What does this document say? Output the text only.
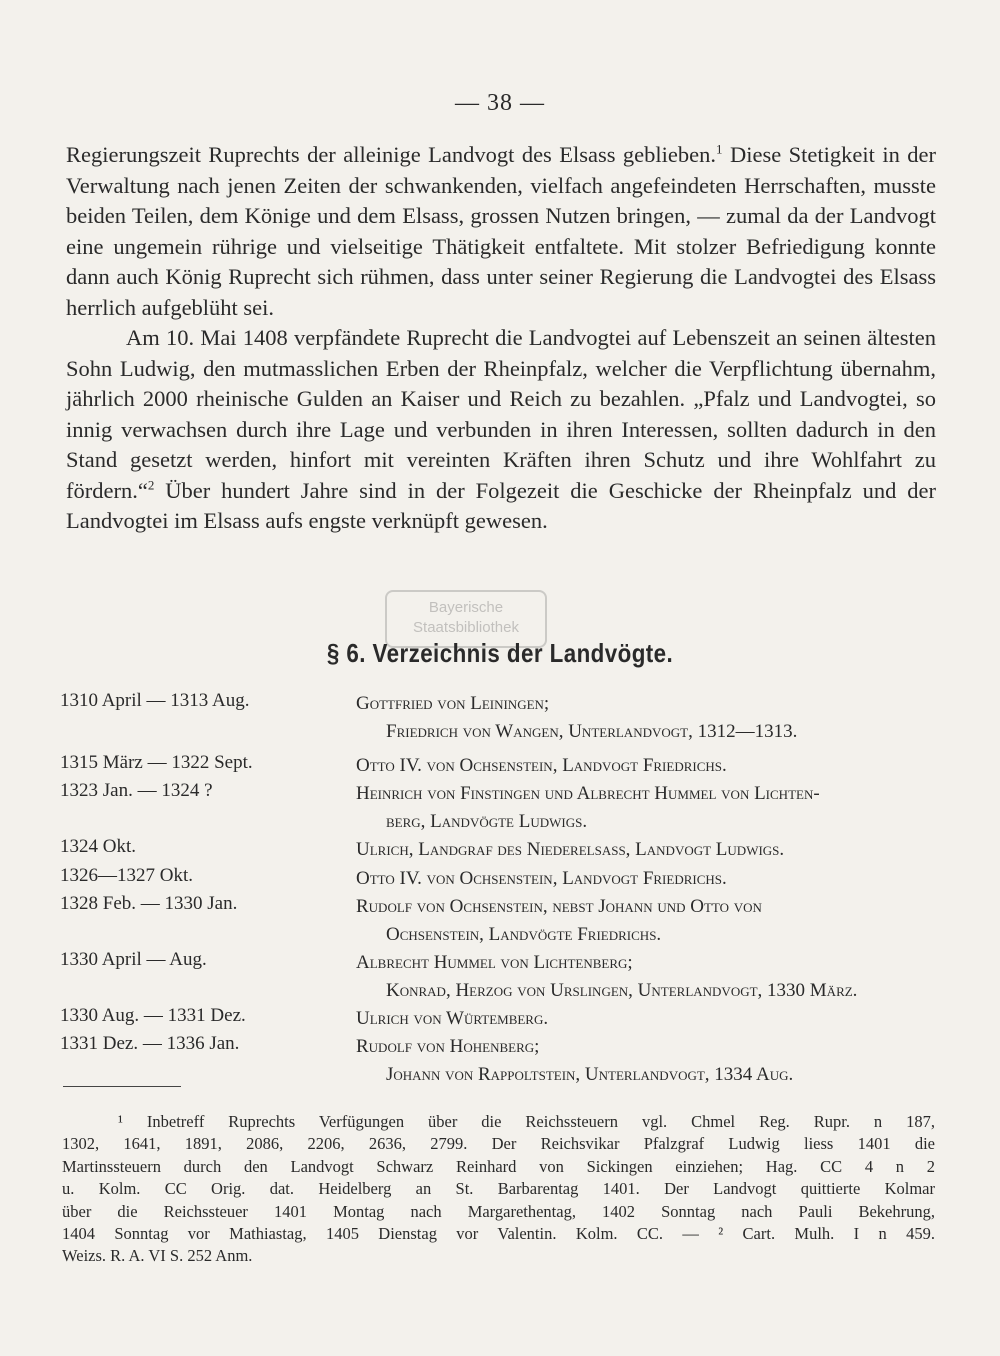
— 38 —

Regierungszeit Ruprechts der alleinige Landvogt des Elsass geblieben.$^1$ Diese Stetigkeit in der Verwaltung nach jenen Zeiten der schwankenden, vielfach angefeindeten Herrschaften, musste beiden Teilen, dem Könige und dem Elsass, grossen Nutzen bringen, — zumal da der Landvogt eine ungemein rührige und vielseitige Thätigkeit entfaltete. Mit stolzer Befriedigung konnte dann auch König Ruprecht sich rühmen, dass unter seiner Regierung die Landvogtei des Elsass herrlich aufgeblüht sei.

Am 10. Mai 1408 verpfändete Ruprecht die Landvogtei auf Lebenszeit an seinen ältesten Sohn Ludwig, den mutmasslichen Erben der Rheinpfalz, welcher die Verpflichtung übernahm, jährlich 2000 rheinische Gulden an Kaiser und Reich zu bezahlen. „Pfalz und Landvogtei, so innig verwachsen durch ihre Lage und verbunden in ihren Interessen, sollten dadurch in den Stand gesetzt werden, hinfort mit vereinten Kräften ihren Schutz und ihre Wohlfahrt zu fördern.“$^2$ Über hundert Jahre sind in der Folgezeit die Geschicke der Rheinpfalz und der Landvogtei im Elsass aufs engste verknüpft gewesen.

Bayerische
Staatsbibliothek
§ 6. Verzeichnis der Landvögte.
1310 April — 1313 Aug.	Gottfried von Leiningen;
Friedrich von Wangen, Unterlandvogt, 1312—1313.
1315 März — 1322 Sept.	Otto IV. von Ochsenstein, Landvogt Friedrichs.
1323 Jan. — 1324 ?	Heinrich von Finstingen und Albrecht Hummel von Lichten-
berg, Landvögte Ludwigs.
1324 Okt.	Ulrich, Landgraf des Niederelsass, Landvogt Ludwigs.
1326—1327 Okt.	Otto IV. von Ochsenstein, Landvogt Friedrichs.
1328 Feb. — 1330 Jan.	Rudolf von Ochsenstein, nebst Johann und Otto von
Ochsenstein, Landvögte Friedrichs.
1330 April — Aug.	Albrecht Hummel von Lichtenberg;
Konrad, Herzog von Urslingen, Unterlandvogt, 1330 März.
1330 Aug. — 1331 Dez.	Ulrich von Würtemberg.
1331 Dez. — 1336 Jan.	Rudolf von Hohenberg;
Johann von Rappoltstein, Unterlandvogt, 1334 Aug.
¹ Inbetreff Ruprechts Verfügungen über die Reichssteuern vgl. Chmel Reg. Rupr. n 187,
1302, 1641, 1891, 2086, 2206, 2636, 2799. Der Reichsvikar Pfalzgraf Ludwig liess 1401 die
Martinssteuern durch den Landvogt Schwarz Reinhard von Sickingen einziehen; Hag. CC 4 n 2
u. Kolm. CC Orig. dat. Heidelberg an St. Barbarentag 1401. Der Landvogt quittierte Kolmar
über die Reichssteuer 1401 Montag nach Margarethentag, 1402 Sonntag nach Pauli Bekehrung,
1404 Sonntag vor Mathiastag, 1405 Dienstag vor Valentin. Kolm. CC. — ² Cart. Mulh. I n 459.
Weizs. R. A. VI S. 252 Anm.
